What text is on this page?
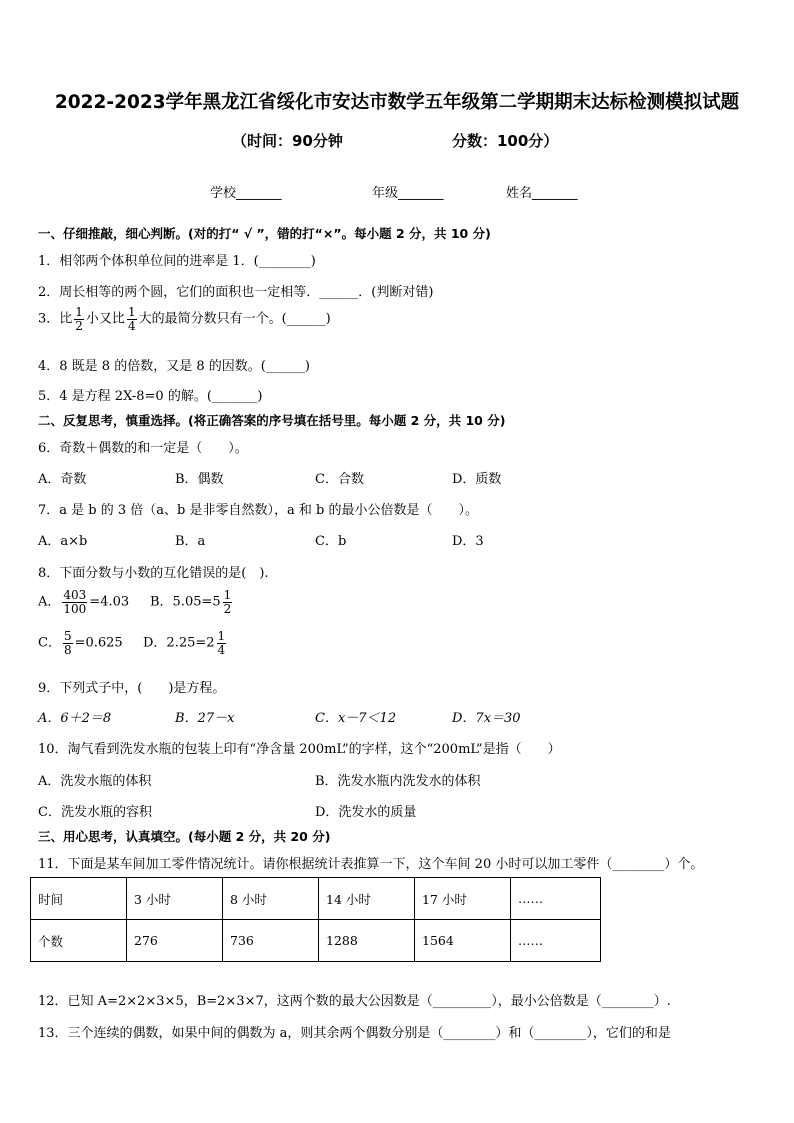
2022-2023学年黑龙江省绥化市安达市数学五年级第二学期期末达标检测模拟试题
（时间：90分钟	分数：100分）
学校_______	年级_______	姓名_______
一、仔细推敲，细心判断。(对的打“ √ ”，错的打“×”。每小题 2 分，共 10 分)
1．相邻两个体积单位间的进率是 1．(________)
2．周长相等的两个圆，它们的面积也一定相等．______．(判断对错)
3．比 $\frac{1}{2}$ 小又比 $\frac{1}{4}$ 大的最简分数只有一个。(______)
4．8 既是 8 的倍数，又是 8 的因数。(______)
5．4 是方程 2X-8=0 的解。(_______)
二、反复思考，慎重选择。(将正确答案的序号填在括号里。每小题 2 分，共 10 分)
6．奇数＋偶数的和一定是（　　）。
A．奇数	B．偶数	C．合数	D．质数
7．a 是 b 的 3 倍（a、b 是非零自然数），a 和 b 的最小公倍数是（　　）。
A．a×b	B．a	C．b	D．3
8．下面分数与小数的互化错误的是(　).
A． $\frac{403}{100} =4.03$ B．$5.05=5 \frac{1}{2}$
C． $\frac{5}{8} =0.625$ D．$2.25=2 \frac{1}{4}$
9．下列式子中，(　　)是方程。
A．6＋2＝8	B．27－x	C．x－7＜12	D．7x＝30
10．淘气看到洗发水瓶的包装上印有“净含量 200mL”的字样，这个“200mL”是指（　　）
A．洗发水瓶的体积	B．洗发水瓶内洗发水的体积
C．洗发水瓶的容积	D．洗发水的质量
三、用心思考，认真填空。(每小题 2 分，共 20 分)
11．下面是某车间加工零件情况统计。请你根据统计表推算一下，这个车间 20 小时可以加工零件（________）个。
时间	3 小时	8 小时	14 小时	17 小时	……
个数	276	736	1288	1564	……
12．已知 A=2×2×3×5，B=2×3×7，这两个数的最大公因数是（_________），最小公倍数是（________）.
13．三个连续的偶数，如果中间的偶数为 a，则其余两个偶数分别是（________）和（________），它们的和是
